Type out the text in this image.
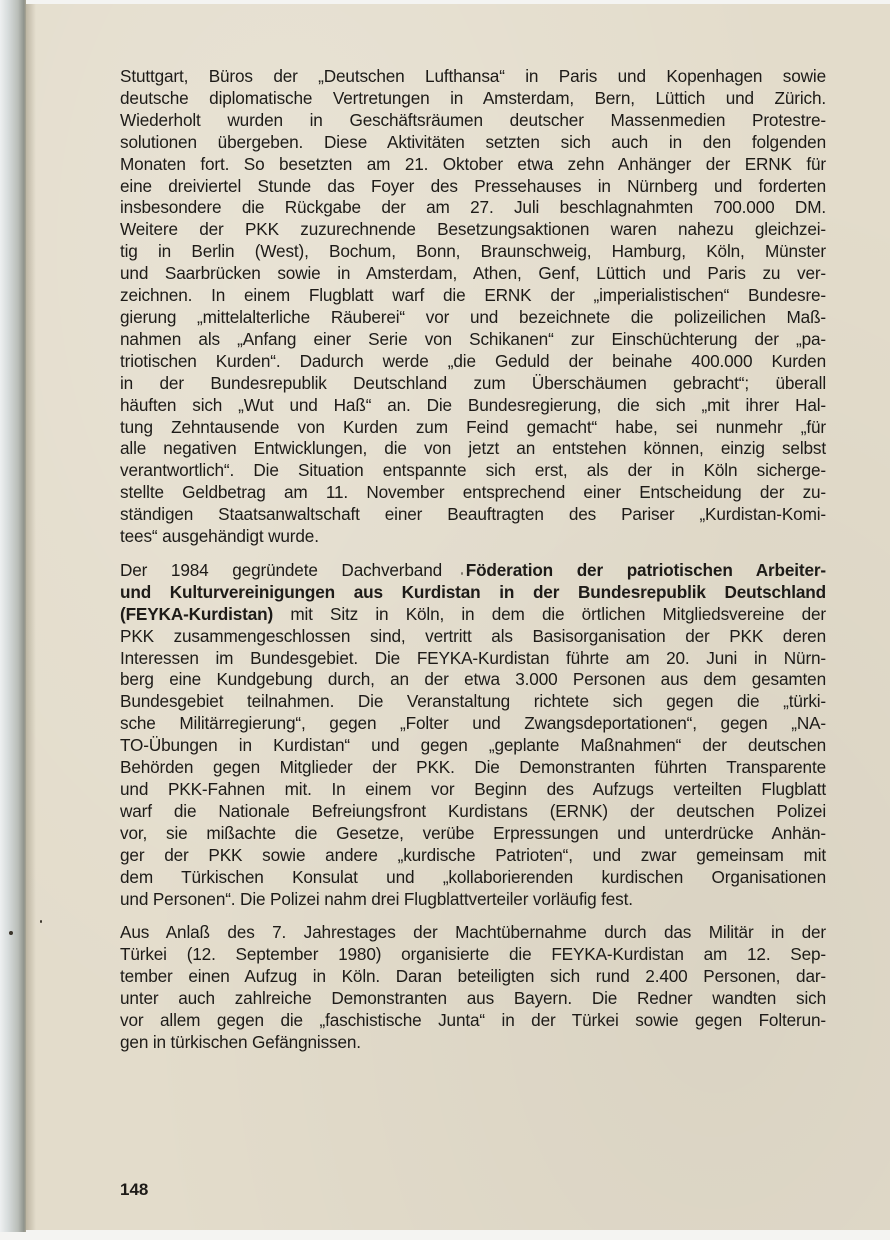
Stuttgart, Büros der „Deutschen Lufthansa“ in Paris und Kopenhagen sowie
deutsche diplomatische Vertretungen in Amsterdam, Bern, Lüttich und Zürich.
Wiederholt wurden in Geschäftsräumen deutscher Massenmedien Protestre-
solutionen übergeben. Diese Aktivitäten setzten sich auch in den folgenden
Monaten fort. So besetzten am 21. Oktober etwa zehn Anhänger der ERNK für
eine dreiviertel Stunde das Foyer des Pressehauses in Nürnberg und forderten
insbesondere die Rückgabe der am 27. Juli beschlagnahmten 700.000 DM.
Weitere der PKK zuzurechnende Besetzungsaktionen waren nahezu gleichzei-
tig in Berlin (West), Bochum, Bonn, Braunschweig, Hamburg, Köln, Münster
und Saarbrücken sowie in Amsterdam, Athen, Genf, Lüttich und Paris zu ver-
zeichnen. In einem Flugblatt warf die ERNK der „imperialistischen“ Bundesre-
gierung „mittelalterliche Räuberei“ vor und bezeichnete die polizeilichen Maß-
nahmen als „Anfang einer Serie von Schikanen“ zur Einschüchterung der „pa-
triotischen Kurden“. Dadurch werde „die Geduld der beinahe 400.000 Kurden
in der Bundesrepublik Deutschland zum Überschäumen gebracht“; überall
häuften sich „Wut und Haß“ an. Die Bundesregierung, die sich „mit ihrer Hal-
tung Zehntausende von Kurden zum Feind gemacht“ habe, sei nunmehr „für
alle negativen Entwicklungen, die von jetzt an entstehen können, einzig selbst
verantwortlich“. Die Situation entspannte sich erst, als der in Köln sicherge-
stellte Geldbetrag am 11. November entsprechend einer Entscheidung der zu-
ständigen Staatsanwaltschaft einer Beauftragten des Pariser „Kurdistan-Komi-
tees“ ausgehändigt wurde.

Der 1984 gegründete Dachverband Föderation der patriotischen Arbeiter-
und Kulturvereinigungen aus Kurdistan in der Bundesrepublik Deutschland
(FEYKA-Kurdistan) mit Sitz in Köln, in dem die örtlichen Mitgliedsvereine der
PKK zusammengeschlossen sind, vertritt als Basisorganisation der PKK deren
Interessen im Bundesgebiet. Die FEYKA-Kurdistan führte am 20. Juni in Nürn-
berg eine Kundgebung durch, an der etwa 3.000 Personen aus dem gesamten
Bundesgebiet teilnahmen. Die Veranstaltung richtete sich gegen die „türki-
sche Militärregierung“, gegen „Folter und Zwangsdeportationen“, gegen „NA-
TO-Übungen in Kurdistan“ und gegen „geplante Maßnahmen“ der deutschen
Behörden gegen Mitglieder der PKK. Die Demonstranten führten Transparente
und PKK-Fahnen mit. In einem vor Beginn des Aufzugs verteilten Flugblatt
warf die Nationale Befreiungsfront Kurdistans (ERNK) der deutschen Polizei
vor, sie mißachte die Gesetze, verübe Erpressungen und unterdrücke Anhän-
ger der PKK sowie andere „kurdische Patrioten“, und zwar gemeinsam mit
dem Türkischen Konsulat und „kollaborierenden kurdischen Organisationen
und Personen“. Die Polizei nahm drei Flugblattverteiler vorläufig fest.

Aus Anlaß des 7. Jahrestages der Machtübernahme durch das Militär in der
Türkei (12. September 1980) organisierte die FEYKA-Kurdistan am 12. Sep-
tember einen Aufzug in Köln. Daran beteiligten sich rund 2.400 Personen, dar-
unter auch zahlreiche Demonstranten aus Bayern. Die Redner wandten sich
vor allem gegen die „faschistische Junta“ in der Türkei sowie gegen Folterun-
gen in türkischen Gefängnissen.

148
